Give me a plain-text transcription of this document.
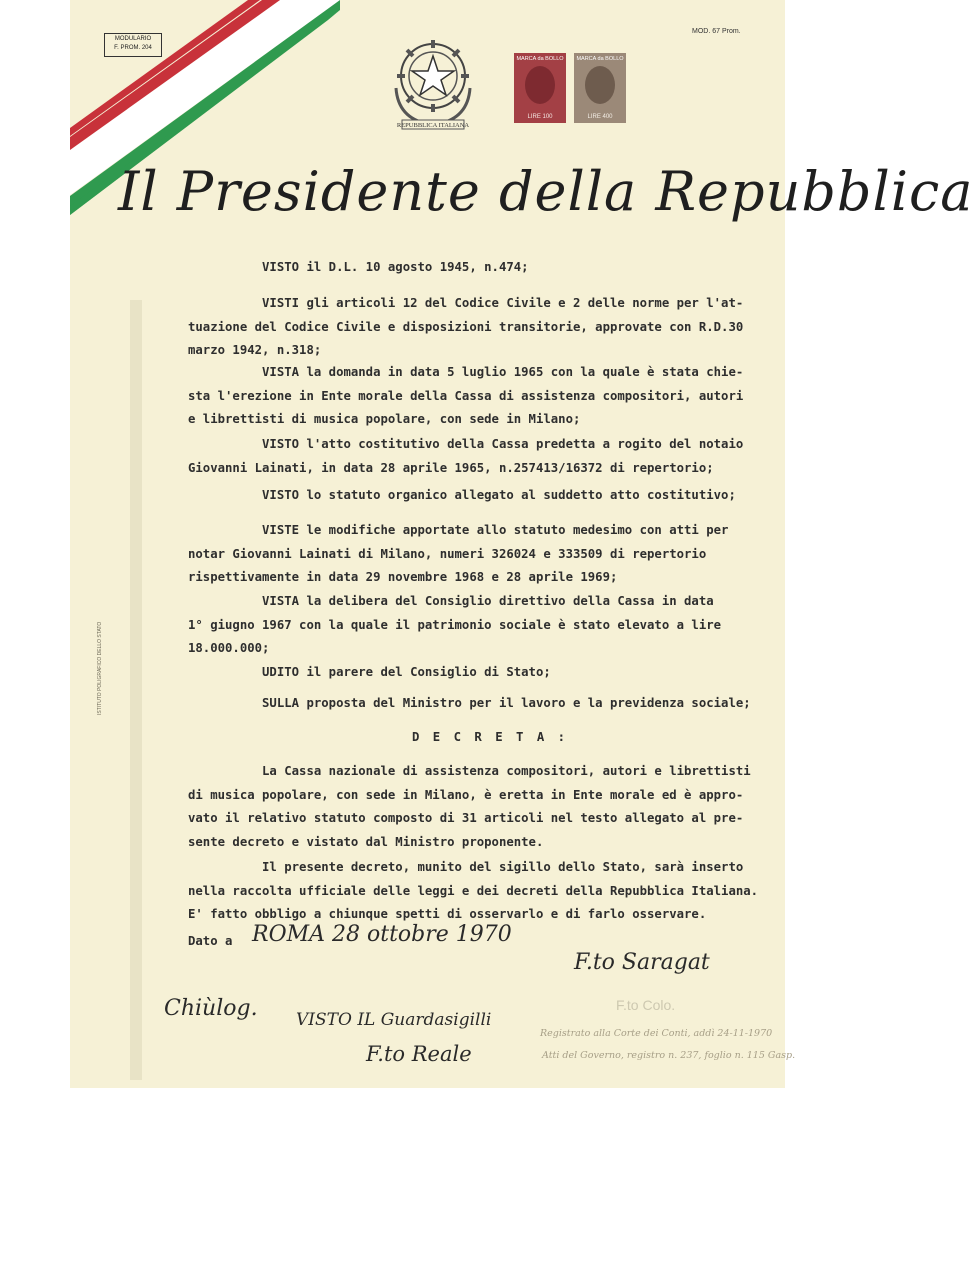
MODULARIO
F. PROM. 204
MOD. 67 Prom.
REPUBBLICA ITALIANA
MARCA da BOLLO
LIRE 100
MARCA da BOLLO
LIRE 400
Il Presidente della Repubblica
ISTITUTO POLIGRAFICO DELLO STATO
D E C R E T A :
Dato a ROMA 28 ottobre 1970
F.to Saragat
F.to Colo.
Chiùlog. VISTO IL Guardasigilli
F.to Reale
Registrato alla Corte dei Conti, addì 24-11-1970
Atti del Governo, registro n. 237, foglio n. 115 Gasp.
VISTO il D.L. 10 agosto 1945, n.474;
VISTI gli articoli 12 del Codice Civile e 2 delle norme per l'at-
tuazione del Codice Civile e disposizioni transitorie, approvate con R.D.30
marzo 1942, n.318;
VISTA la domanda in data 5 luglio 1965 con la quale è stata chie-
sta l'erezione in Ente morale della Cassa di assistenza compositori, autori
e librettisti di musica popolare, con sede in Milano;
VISTO l'atto costitutivo della Cassa predetta a rogito del notaio
Giovanni Lainati, in data 28 aprile 1965, n.257413/16372 di repertorio;
VISTO lo statuto organico allegato al suddetto atto costitutivo;
VISTE le modifiche apportate allo statuto medesimo con atti per
notar Giovanni Lainati di Milano, numeri 326024 e 333509 di repertorio
rispettivamente in data 29 novembre 1968 e 28 aprile 1969;
VISTA la delibera del Consiglio direttivo della Cassa in data
1° giugno 1967 con la quale il patrimonio sociale è stato elevato a lire
18.000.000;
UDITO il parere del Consiglio di Stato;
SULLA proposta del Ministro per il lavoro e la previdenza sociale;
La Cassa nazionale di assistenza compositori, autori e librettisti
di musica popolare, con sede in Milano, è eretta in Ente morale ed è appro-
vato il relativo statuto composto di 31 articoli nel testo allegato al pre-
sente decreto e vistato dal Ministro proponente.
Il presente decreto, munito del sigillo dello Stato, sarà inserto
nella raccolta ufficiale delle leggi e dei decreti della Repubblica Italiana.
E' fatto obbligo a chiunque spetti di osservarlo e di farlo osservare.
